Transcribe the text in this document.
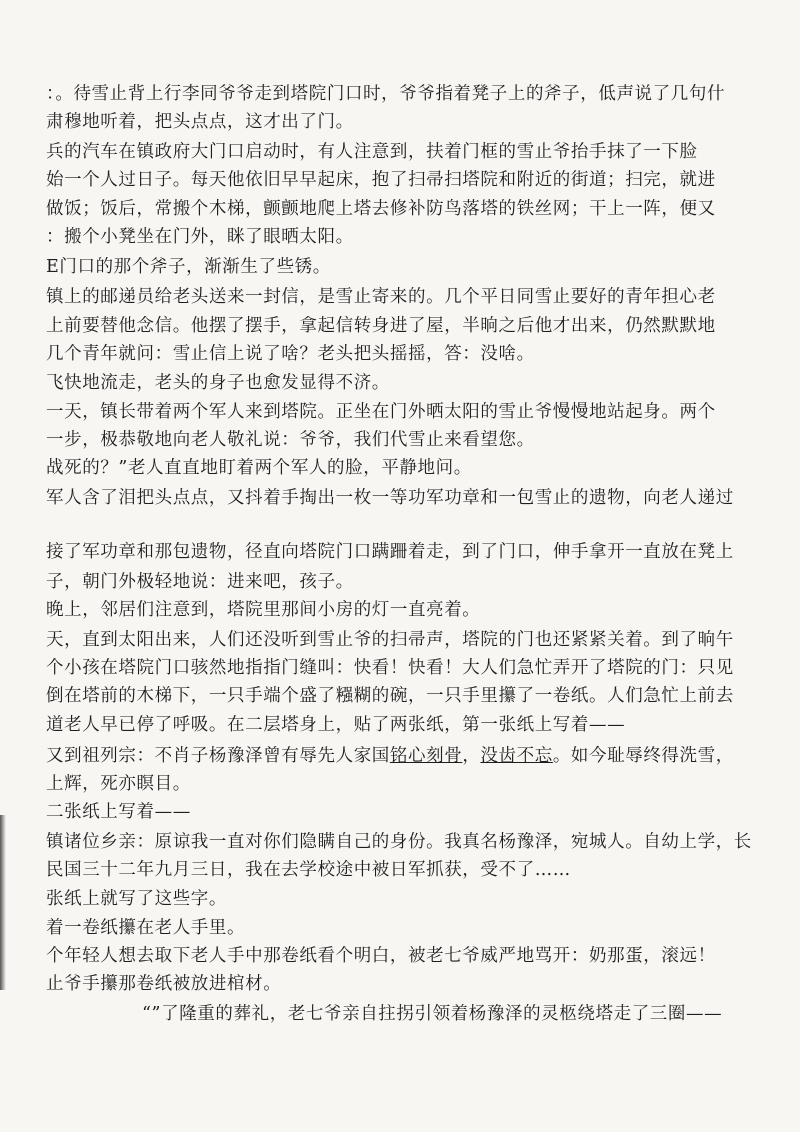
：。待雪止背上行李同爷爷走到塔院门口时，爷爷指着凳子上的斧子，低声说了几句什
肃穆地听着，把头点点，这才出了门。
兵的汽车在镇政府大门口启动时，有人注意到，扶着门框的雪止爷抬手抹了一下脸
始一个人过日子。每天他依旧早早起床，抱了扫帚扫塔院和附近的街道；扫完，就进
做饭；饭后，常搬个木梯，颤颤地爬上塔去修补防鸟落塔的铁丝网；干上一阵，便又
：搬个小凳坐在门外，眯了眼晒太阳。
E门口的那个斧子，渐渐生了些锈。
镇上的邮递员给老头送来一封信，是雪止寄来的。几个平日同雪止要好的青年担心老
上前要替他念信。他摆了摆手，拿起信转身进了屋，半晌之后他才出来，仍然默默地
几个青年就问：雪止信上说了啥？老头把头摇摇，答：没啥。
飞快地流走，老头的身子也愈发显得不济。
一天，镇长带着两个军人来到塔院。正坐在门外晒太阳的雪止爷慢慢地站起身。两个
一步，极恭敬地向老人敬礼说：爷爷，我们代雪止来看望您。
战死的？”老人直直地盯着两个军人的脸，平静地问。
军人含了泪把头点点，又抖着手掏出一枚一等功军功章和一包雪止的遗物，向老人递过
接了军功章和那包遗物，径直向塔院门口蹒跚着走，到了门口，伸手拿开一直放在凳上
子，朝门外极轻地说：进来吧，孩子。
晚上，邻居们注意到，塔院里那间小房的灯一直亮着。
天，直到太阳出来，人们还没听到雪止爷的扫帚声，塔院的门也还紧紧关着。到了晌午
个小孩在塔院门口骇然地指指门缝叫：快看！快看！大人们急忙弄开了塔院的门：只见
倒在塔前的木梯下，一只手端个盛了糨糊的碗，一只手里攥了一卷纸。人们急忙上前去
道老人早已停了呼吸。在二层塔身上，贴了两张纸，第一张纸上写着——
又到祖列宗：不肖子杨豫泽曾有辱先人家国铭心刻骨，没齿不忘。如今耻辱终得洗雪，
上辉，死亦瞑目。
二张纸上写着——
镇诸位乡亲：原谅我一直对你们隐瞒自己的身份。我真名杨豫泽，宛城人。自幼上学，长
民国三十二年九月三日，我在去学校途中被日军抓获，受不了……
张纸上就写了这些字。
着一卷纸攥在老人手里。
个年轻人想去取下老人手中那卷纸看个明白，被老七爷威严地骂开：奶那蛋，滚远！
止爷手攥那卷纸被放进棺材。
“”了隆重的葬礼，老七爷亲自拄拐引领着杨豫泽的灵柩绕塔走了三圈——
